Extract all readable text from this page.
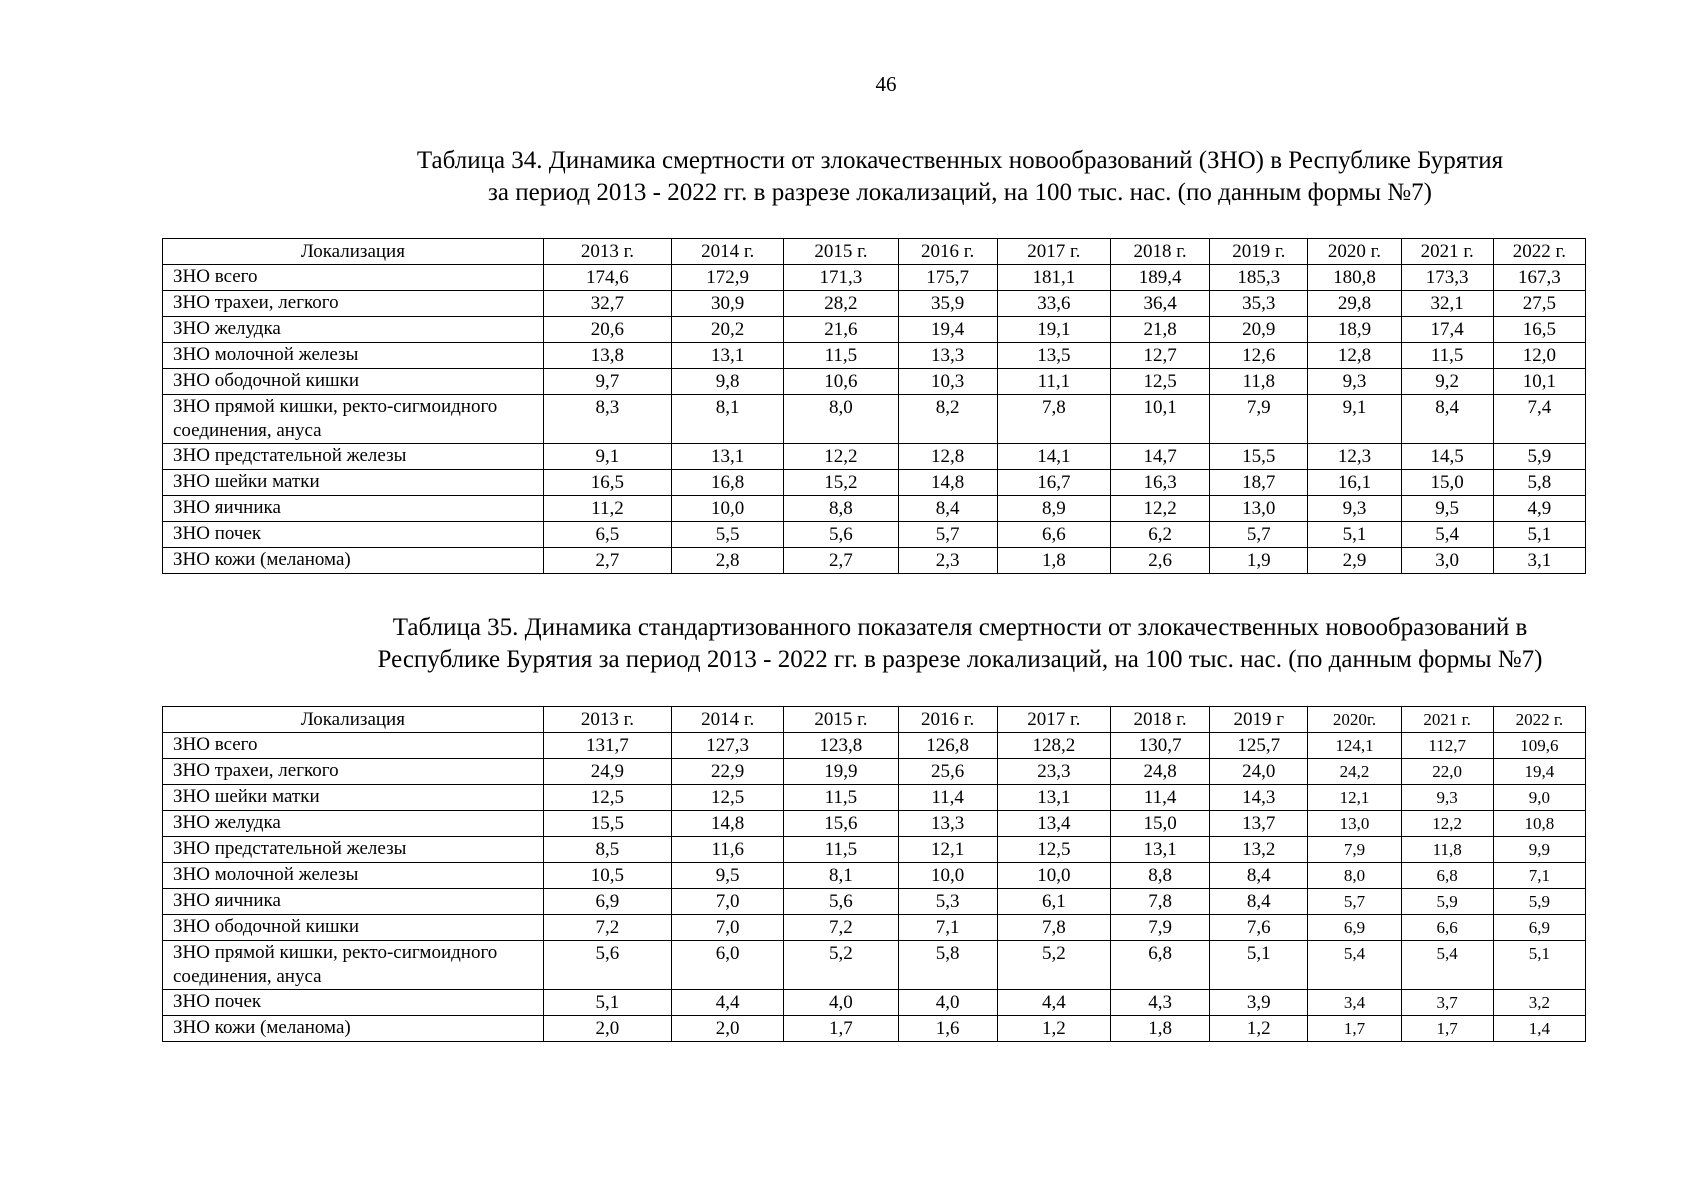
46
Таблица 34. Динамика смертности от злокачественных новообразований (ЗНО) в Республике Бурятия
за период 2013 - 2022 гг. в разрезе локализаций, на 100 тыс. нас. (по данным формы №7)
Локализация	2013 г.	2014 г.	2015 г.	2016 г.	2017 г.	2018 г.	2019 г.	2020 г.	2021 г.	2022 г.
ЗНО всего	174,6	172,9	171,3	175,7	181,1	189,4	185,3	180,8	173,3	167,3
ЗНО трахеи, легкого	32,7	30,9	28,2	35,9	33,6	36,4	35,3	29,8	32,1	27,5
ЗНО желудка	20,6	20,2	21,6	19,4	19,1	21,8	20,9	18,9	17,4	16,5
ЗНО молочной железы	13,8	13,1	11,5	13,3	13,5	12,7	12,6	12,8	11,5	12,0
ЗНО ободочной кишки	9,7	9,8	10,6	10,3	11,1	12,5	11,8	9,3	9,2	10,1
ЗНО прямой кишки, ректо-сигмоидного соединения, ануса	8,3	8,1	8,0	8,2	7,8	10,1	7,9	9,1	8,4	7,4
ЗНО предстательной железы	9,1	13,1	12,2	12,8	14,1	14,7	15,5	12,3	14,5	5,9
ЗНО шейки матки	16,5	16,8	15,2	14,8	16,7	16,3	18,7	16,1	15,0	5,8
ЗНО яичника	11,2	10,0	8,8	8,4	8,9	12,2	13,0	9,3	9,5	4,9
ЗНО почек	6,5	5,5	5,6	5,7	6,6	6,2	5,7	5,1	5,4	5,1
ЗНО кожи (меланома)	2,7	2,8	2,7	2,3	1,8	2,6	1,9	2,9	3,0	3,1
Таблица 35. Динамика стандартизованного показателя смертности от злокачественных новообразований в
Республике Бурятия за период 2013 - 2022 гг. в разрезе локализаций, на 100 тыс. нас. (по данным формы №7)
Локализация	2013 г.	2014 г.	2015 г.	2016 г.	2017 г.	2018 г.	2019 г	2020г.	2021 г.	2022 г.
ЗНО всего	131,7	127,3	123,8	126,8	128,2	130,7	125,7	124,1	112,7	109,6
ЗНО трахеи, легкого	24,9	22,9	19,9	25,6	23,3	24,8	24,0	24,2	22,0	19,4
ЗНО шейки матки	12,5	12,5	11,5	11,4	13,1	11,4	14,3	12,1	9,3	9,0
ЗНО желудка	15,5	14,8	15,6	13,3	13,4	15,0	13,7	13,0	12,2	10,8
ЗНО предстательной железы	8,5	11,6	11,5	12,1	12,5	13,1	13,2	7,9	11,8	9,9
ЗНО молочной железы	10,5	9,5	8,1	10,0	10,0	8,8	8,4	8,0	6,8	7,1
ЗНО яичника	6,9	7,0	5,6	5,3	6,1	7,8	8,4	5,7	5,9	5,9
ЗНО ободочной кишки	7,2	7,0	7,2	7,1	7,8	7,9	7,6	6,9	6,6	6,9
ЗНО прямой кишки, ректо-сигмоидного соединения, ануса	5,6	6,0	5,2	5,8	5,2	6,8	5,1	5,4	5,4	5,1
ЗНО почек	5,1	4,4	4,0	4,0	4,4	4,3	3,9	3,4	3,7	3,2
ЗНО кожи (меланома)	2,0	2,0	1,7	1,6	1,2	1,8	1,2	1,7	1,7	1,4
